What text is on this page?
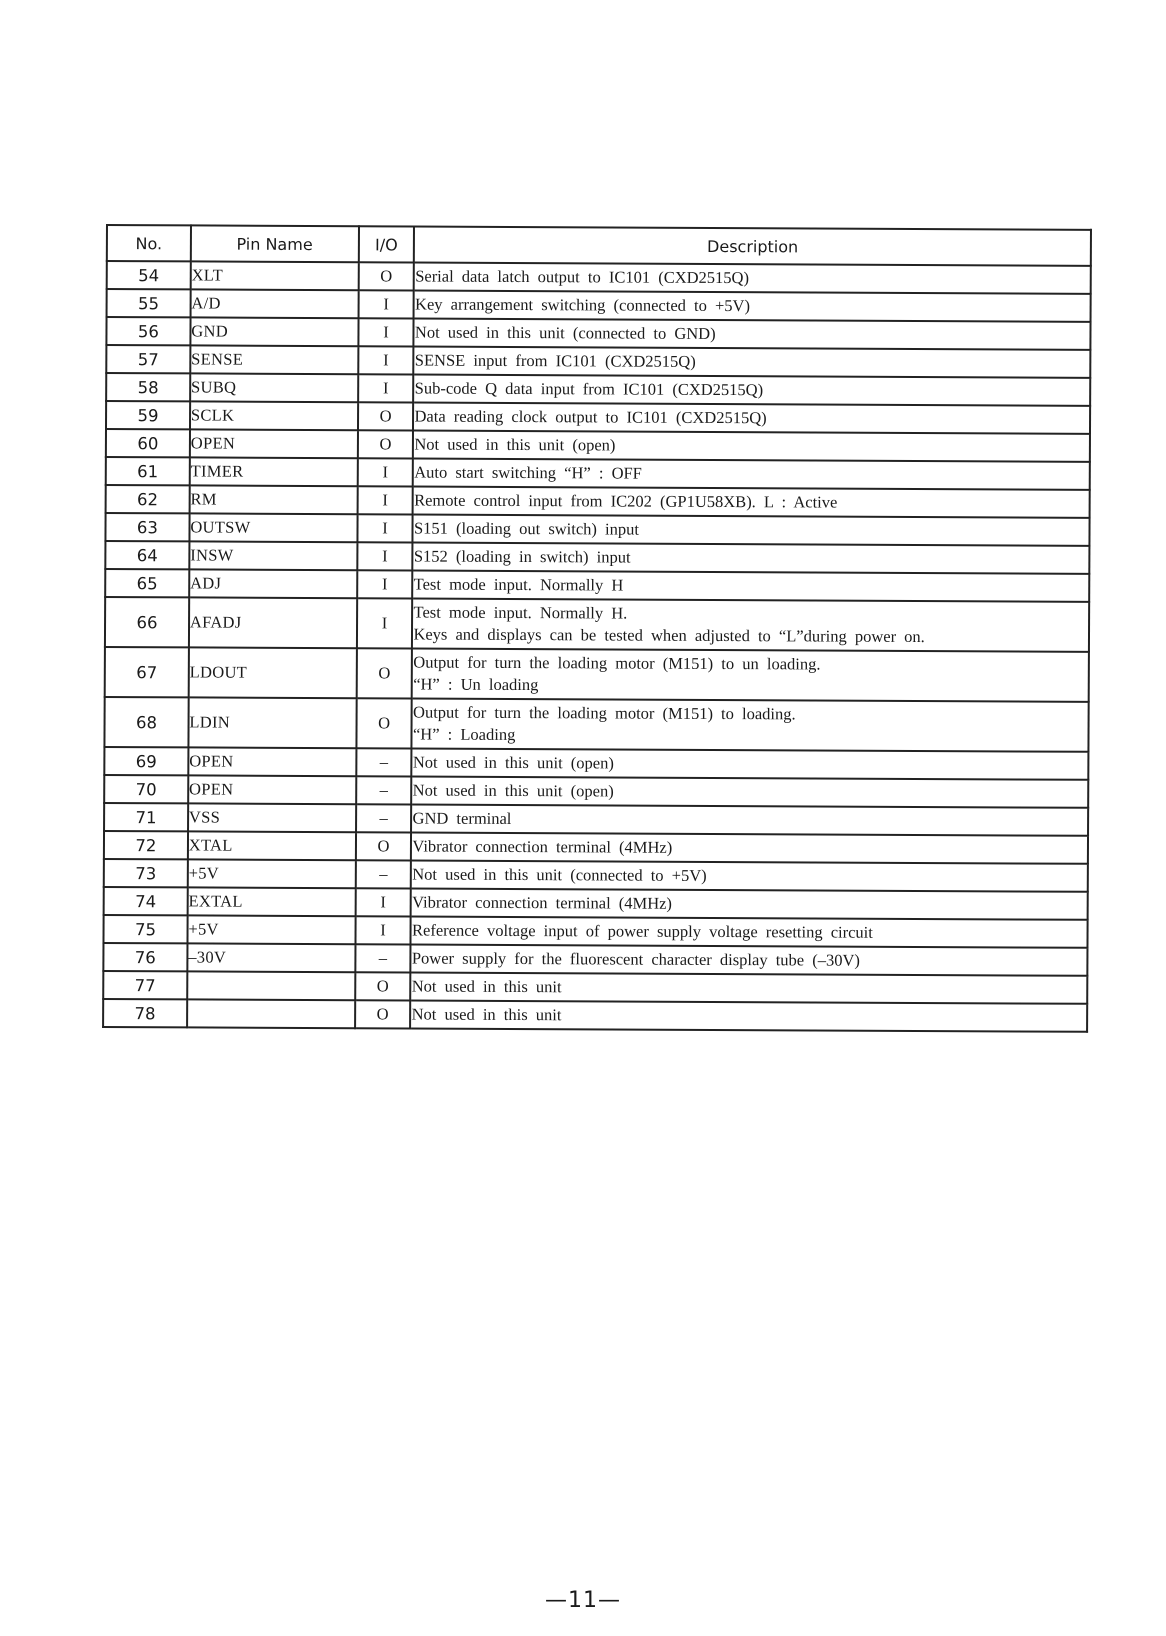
No.	Pin Name	I/O	Description
54	XLT	O	Serial data latch output to IC101 (CXD2515Q)

55	A/D	I	Key arrangement switching (connected to +5V)

56	GND	I	Not used in this unit (connected to GND)

57	SENSE	I	SENSE input from IC101 (CXD2515Q)

58	SUBQ	I	Sub-code Q data input from IC101 (CXD2515Q)

59	SCLK	O	Data reading clock output to IC101 (CXD2515Q)

60	OPEN	O	Not used in this unit (open)

61	TIMER	I	Auto start switching “H” : OFF

62	RM	I	Remote control input from IC202 (GP1U58XB). L : Active

63	OUTSW	I	S151 (loading out switch) input

64	INSW	I	S152 (loading in switch) input

65	ADJ	I	Test mode input. Normally H

66	AFADJ	I	Test mode input. Normally H.
Keys and displays can be tested when adjusted to “L”during power on.

67	LDOUT	O	Output for turn the loading motor (M151) to un loading.
“H” : Un loading

68	LDIN	O	Output for turn the loading motor (M151) to loading.
“H” : Loading

69	OPEN	–	Not used in this unit (open)

70	OPEN	–	Not used in this unit (open)

71	VSS	–	GND terminal

72	XTAL	O	Vibrator connection terminal (4MHz)

73	+5V	–	Not used in this unit (connected to +5V)

74	EXTAL	I	Vibrator connection terminal (4MHz)

75	+5V	I	Reference voltage input of power supply voltage resetting circuit

76	–30V	–	Power supply for the fluorescent character display tube (–30V)

77		O	Not used in this unit

78		O	Not used in this unit
—11—
